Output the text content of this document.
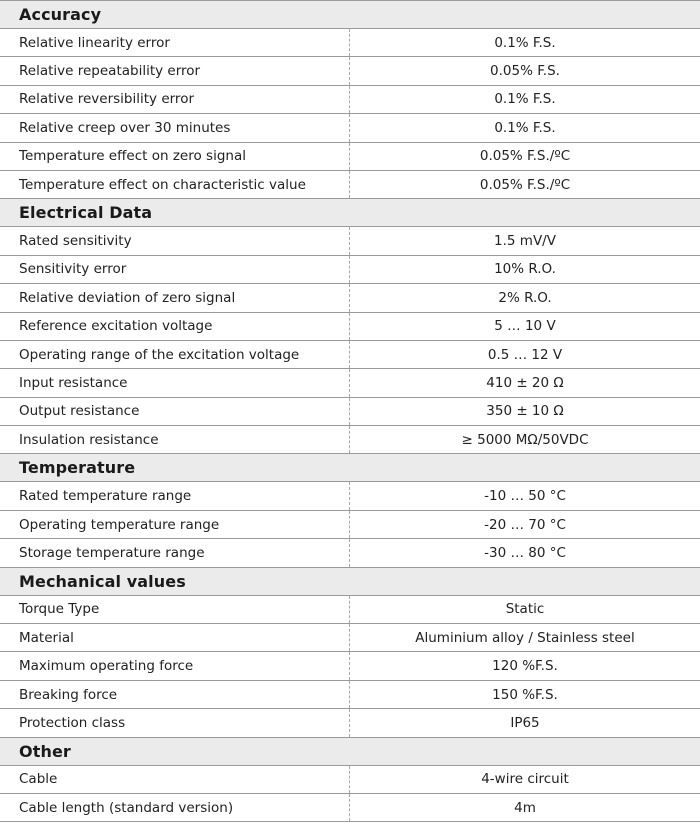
Accuracy
Relative linearity error	0.1% F.S.
Relative repeatability error	0.05% F.S.
Relative reversibility error	0.1% F.S.
Relative creep over 30 minutes	0.1% F.S.
Temperature effect on zero signal	0.05% F.S./ºC
Temperature effect on characteristic value	0.05% F.S./ºC
Electrical Data
Rated sensitivity	1.5 mV/V
Sensitivity error	10% R.O.
Relative deviation of zero signal	2% R.O.
Reference excitation voltage	5 … 10 V
Operating range of the excitation voltage	0.5 … 12 V
Input resistance	410 ± 20 Ω
Output resistance	350 ± 10 Ω
Insulation resistance	≥ 5000 MΩ/50VDC
Temperature
Rated temperature range	-10 … 50 °C
Operating temperature range	-20 … 70 °C
Storage temperature range	-30 … 80 °C
Mechanical values
Torque Type	Static
Material	Aluminium alloy / Stainless steel
Maximum operating force	120 %F.S.
Breaking force	150 %F.S.
Protection class	IP65
Other
Cable	4-wire circuit
Cable length (standard version)	4m
